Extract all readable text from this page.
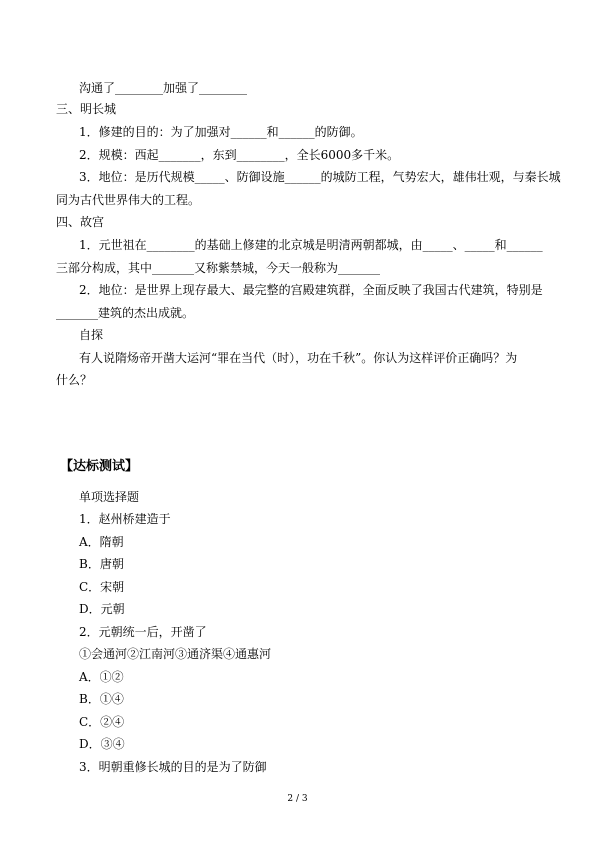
沟通了________加强了________
三、明长城
1．修建的目的：为了加强对______和______的防御。
2．规模：西起_______，东到________，全长6000多千米。
3．地位：是历代规模_____、防御设施______的城防工程，气势宏大，雄伟壮观，与秦长城
同为古代世界伟大的工程。
四、故宫
1．元世祖在________的基础上修建的北京城是明清两朝都城，由_____、_____和______
三部分构成，其中_______又称紫禁城，今天一般称为_______
2．地位：是世界上现存最大、最完整的宫殿建筑群，全面反映了我国古代建筑，特别是
_______建筑的杰出成就。
自探
有人说隋炀帝开凿大运河“罪在当代（时），功在千秋”。你认为这样评价正确吗？为
什么？
【达标测试】
单项选择题
1．赵州桥建造于
A．隋朝
B．唐朝
C．宋朝
D．元朝
2．元朝统一后，开凿了
①会通河②江南河③通济渠④通惠河
A．①②
B．①④
C．②④
D．③④
3．明朝重修长城的目的是为了防御
2 / 3
